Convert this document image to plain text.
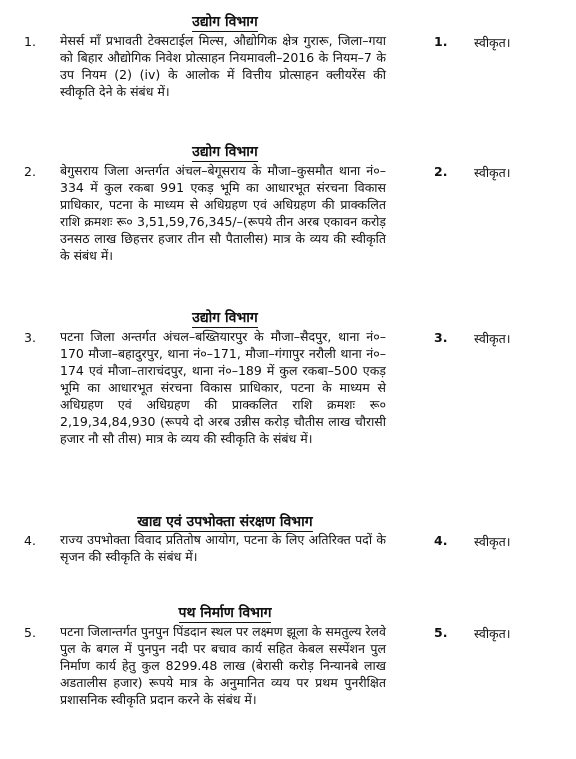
उद्योग विभाग
1. मेसर्स माँ प्रभावती टेक्सटाईल मिल्स, औद्योगिक क्षेत्र गुरारू, जिला–गया को बिहार औद्योगिक निवेश प्रोत्साहन नियमावली–2016 के नियम–7 के उप नियम (2) (iv) के आलोक में वित्तीय प्रोत्साहन क्लीयरेंस की स्वीकृति देने के संबंध में।
1. स्वीकृत।
उद्योग विभाग
2. बेगुसराय जिला अन्तर्गत अंचल–बेगूसराय के मौजा–कुसमौत थाना नं०–334 में कुल रकबा 991 एकड़ भूमि का आधारभूत संरचना विकास प्राधिकार, पटना के माध्यम से अधिग्रहण एवं अधिग्रहण की प्राक्कलित राशि क्रमशः रू० 3,51,59,76,345/–(रूपये तीन अरब एकावन करोड़ उनसठ लाख छिहत्तर हजार तीन सौ पैतालीस) मात्र के व्यय की स्वीकृति के संबंध में।
2. स्वीकृत।
उद्योग विभाग
3. पटना जिला अन्तर्गत अंचल–बख्तियारपुर के मौजा–सैदपुर, थाना नं०–170 मौजा–बहादुरपुर, थाना नं०–171, मौजा–गंगापुर नरौली थाना नं०–174 एवं मौजा–ताराचंदपुर, थाना नं०–189 में कुल रकबा–500 एकड़ भूमि का आधारभूत संरचना विकास प्राधिकार, पटना के माध्यम से अधिग्रहण एवं अधिग्रहण की प्राक्कलित राशि क्रमशः रू० 2,19,34,84,930 (रूपये दो अरब उन्नीस करोड़ चौतीस लाख चौरासी हजार नौ सौ तीस) मात्र के व्यय की स्वीकृति के संबंध में।
3. स्वीकृत।
खाद्य एवं उपभोक्ता संरक्षण विभाग
4. राज्य उपभोक्ता विवाद प्रतितोष आयोग, पटना के लिए अतिरिक्त पदों के सृजन की स्वीकृति के संबंध में।
4. स्वीकृत।
पथ निर्माण विभाग
5. पटना जिलान्तर्गत पुनपुन पिंडदान स्थल पर लक्ष्मण झूला के समतुल्य रेलवे पुल के बगल में पुनपुन नदी पर बचाव कार्य सहित केबल सस्पेंशन पुल निर्माण कार्य हेतु कुल 8299.48 लाख (बेरासी करोड़ निन्यानबे लाख अडतालीस हजार) रूपये मात्र के अनुमानित व्यय पर प्रथम पुनरीक्षित प्रशासनिक स्वीकृति प्रदान करने के संबंध में।
5. स्वीकृत।
